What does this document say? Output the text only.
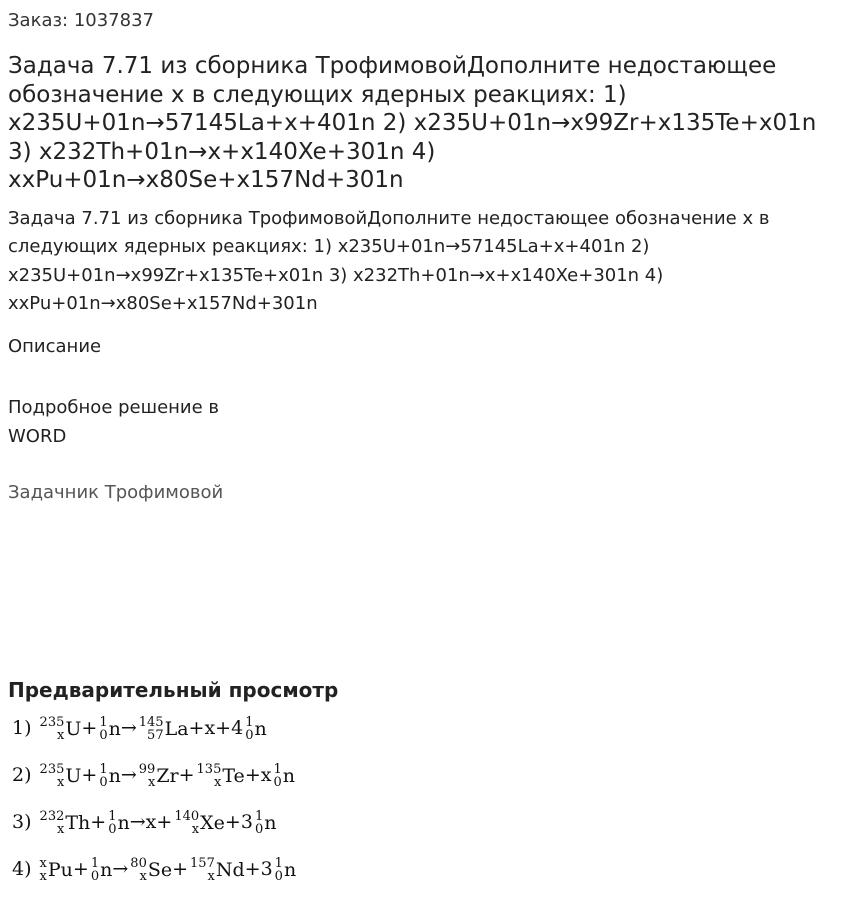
Заказ: 1037837
Задача 7.71 из сборника ТрофимовойДополните недостающее обозначение x в следующих ядерных реакциях: 1) x235U+01n→57145La+x+401n 2) x235U+01n→x99Zr+x135Te+x01n 3) x232Th+01n→x+x140Xe+301n 4) xxPu+01n→x80Se+x157Nd+301n
Задача 7.71 из сборника ТрофимовойДополните недостающее обозначение x в следующих ядерных реакциях: 1) x235U+01n→57145La+x+401n 2) x235U+01n→x99Zr+x135Te+x01n 3) x232Th+01n→x+x140Xe+301n 4) xxPu+01n→x80Se+x157Nd+301n
Описание
Подробное решение в WORD
Задачник Трофимовой
Предварительный просмотр
1) 235
x U + 1
0 n → 145
57 La +x+4 1
0 n
2) 235
x U + 1
0 n → 99
x Zr + 135
x Te +x 1
0 n
3) 232
x Th + 1
0 n →x+ 140
x Xe +3 1
0 n
4) x
x Pu + 1
0 n → 80
x Se + 157
x Nd +3 1
0 n
